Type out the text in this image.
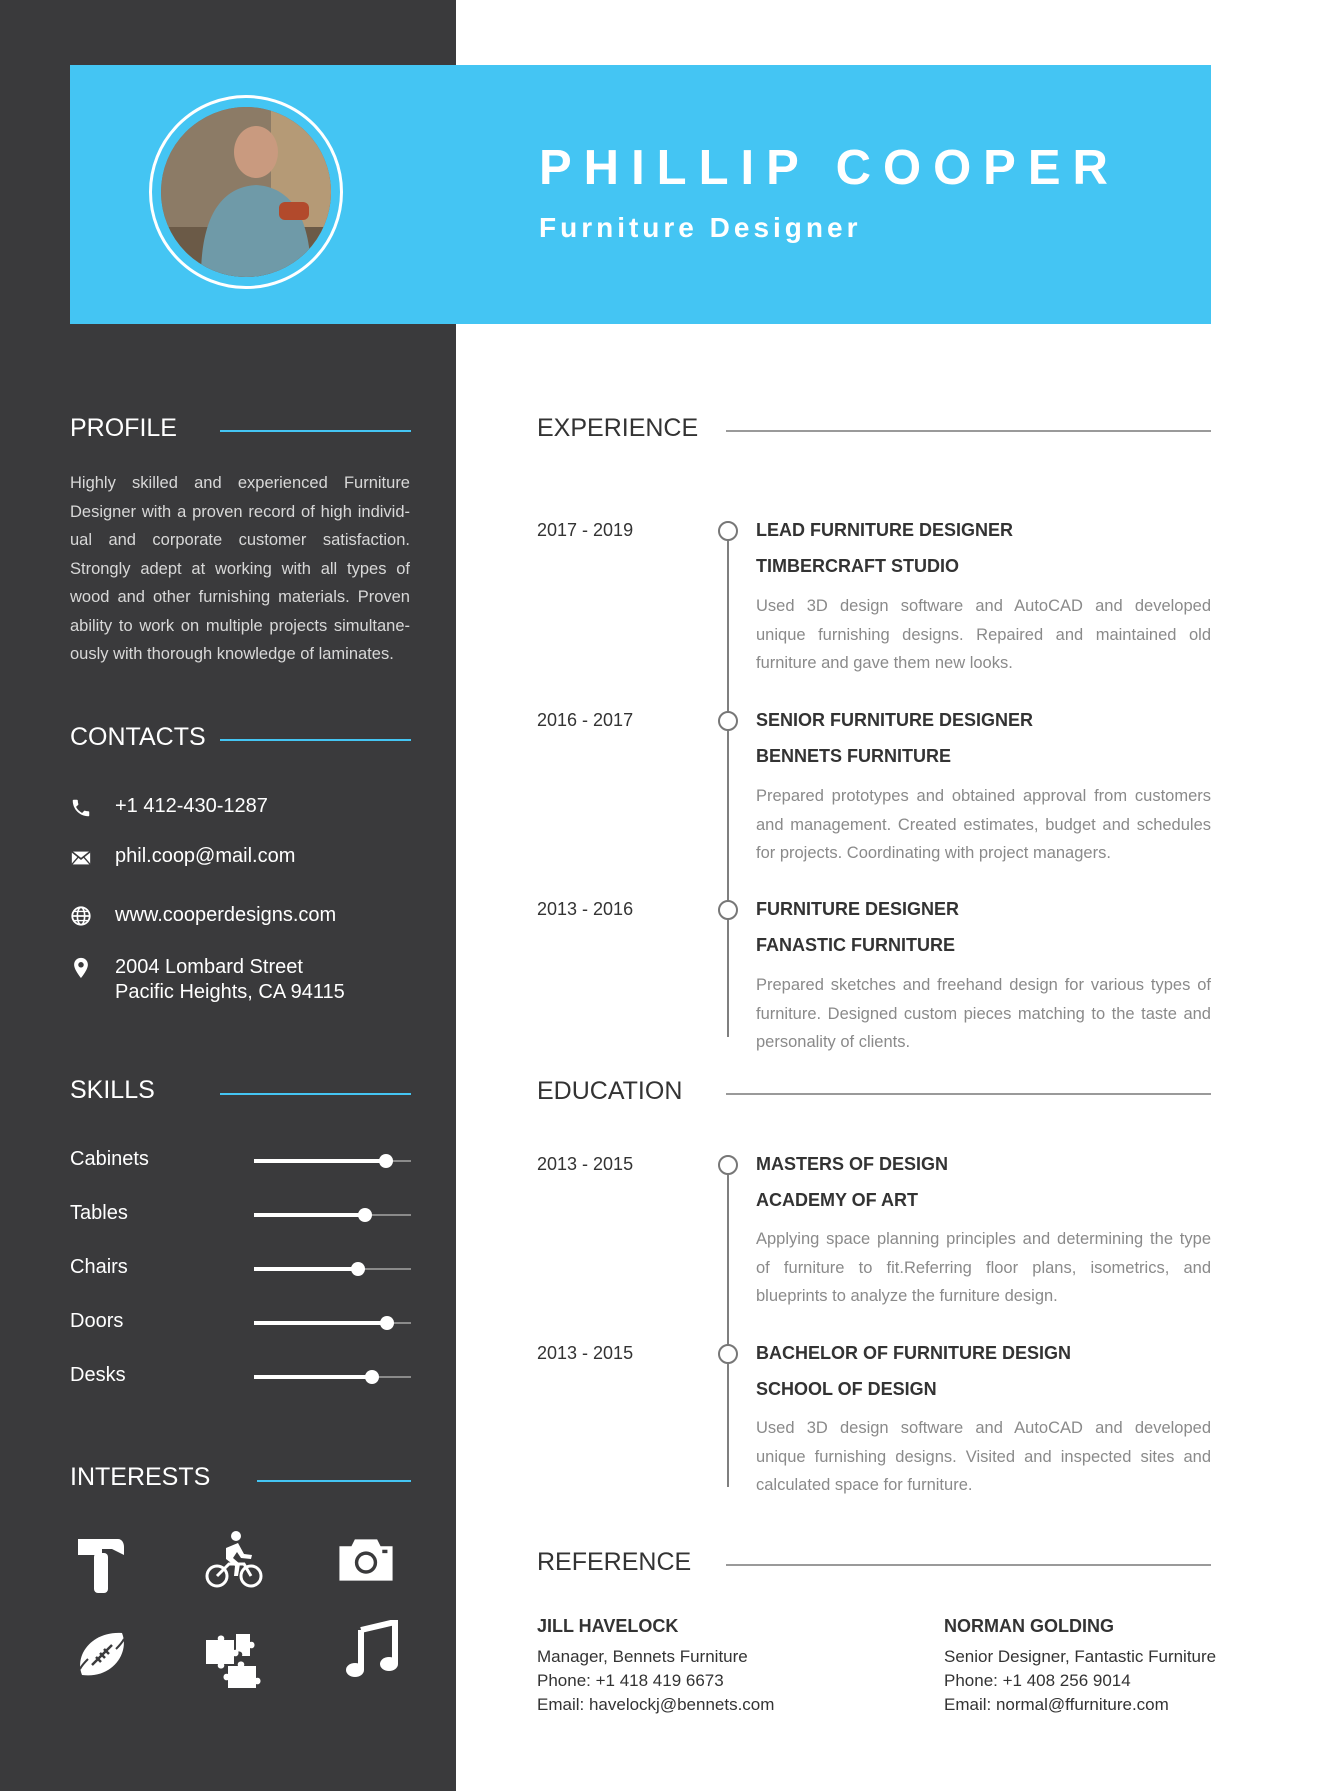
PHILLIP COOPER
Furniture Designer
PROFILE
Highly skilled and experienced Furniture Designer with a proven record of high individ-ual and corporate customer satisfaction. Strongly adept at working with all types of wood and other furnishing materials. Proven ability to work on multiple projects simultane-ously with thorough knowledge of laminates.
CONTACTS
+1 412-430-1287
phil.coop@mail.com
www.cooperdesigns.com
2004 Lombard Street
Pacific Heights, CA 94115
SKILLS
Cabinets
Tables
Chairs
Doors
Desks
INTERESTS
EXPERIENCE
2017 - 2019	LEAD FURNITURE DESIGNER
TIMBERCRAFT STUDIO
Used 3D design software and AutoCAD and developed unique furnishing designs. Repaired and maintained old furniture and gave them new looks.
2016 - 2017	SENIOR FURNITURE DESIGNER
BENNETS FURNITURE
Prepared prototypes and obtained approval from customers and management. Created estimates, budget and schedules for projects. Coordinating with project managers.
2013 - 2016	FURNITURE DESIGNER
FANASTIC FURNITURE
Prepared sketches and freehand design for various types of furniture. Designed custom pieces matching to the taste and personality of clients.
EDUCATION
2013 - 2015	MASTERS OF DESIGN
ACADEMY OF ART
Applying space planning principles and determining the type of furniture to fit.Referring floor plans, isometrics, and blueprints to analyze the furniture design.
2013 - 2015	BACHELOR OF FURNITURE DESIGN
SCHOOL OF DESIGN
Used 3D design software and AutoCAD and developed unique furnishing designs. Visited and inspected sites and calculated space for furniture.
REFERENCE
JILL HAVELOCK
Manager, Bennets Furniture
Phone: +1 418 419 6673
Email: havelockj@bennets.com
NORMAN GOLDING
Senior Designer, Fantastic Furniture
Phone: +1 408 256 9014
Email: normal@ffurniture.com
